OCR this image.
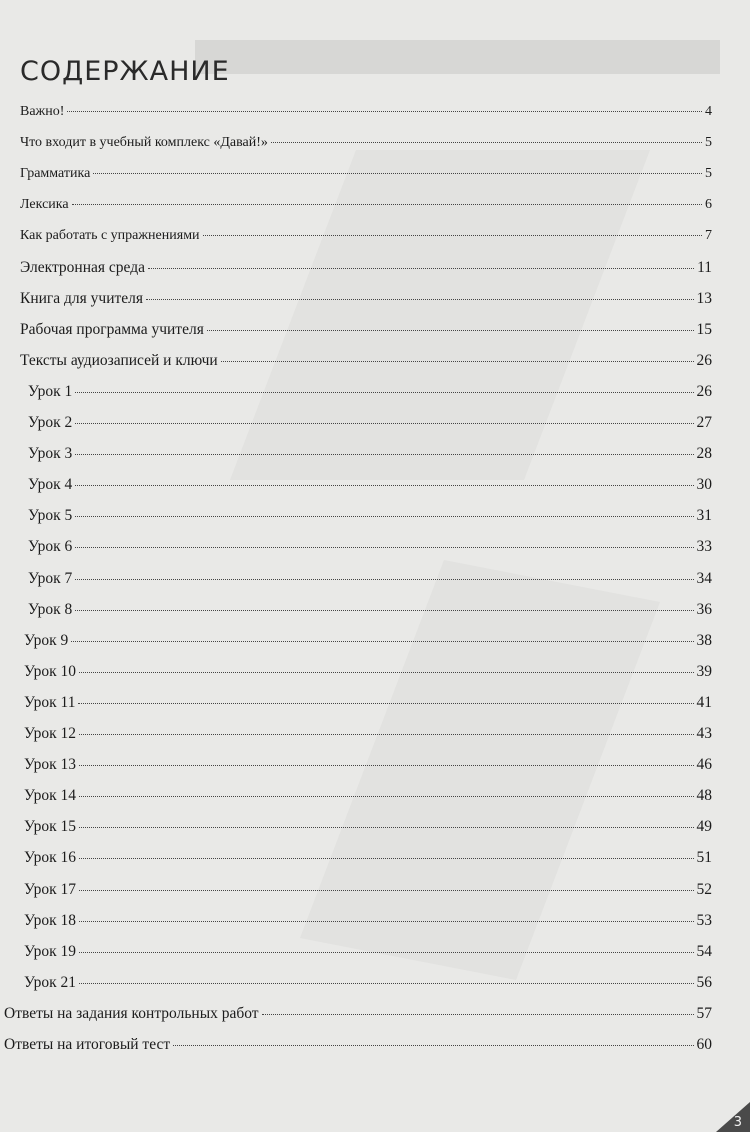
СОДЕРЖАНИЕ
Важно!	4
Что входит в учебный комплекс «Давай!»	5
Грамматика	5
Лексика	6
Как работать с упражнениями	7
Электронная среда	11
Книга для учителя	13
Рабочая программа учителя	15
Тексты аудиозаписей и ключи	26
Урок 1	26
Урок 2	27
Урок 3	28
Урок 4	30
Урок 5	31
Урок 6	33
Урок 7	34
Урок 8	36
Урок 9	38
Урок 10	39
Урок 11	41
Урок 12	43
Урок 13	46
Урок 14	48
Урок 15	49
Урок 16	51
Урок 17	52
Урок 18	53
Урок 19	54
Урок 21	56
Ответы на задания контрольных работ	57
Ответы на итоговый тест	60
3
